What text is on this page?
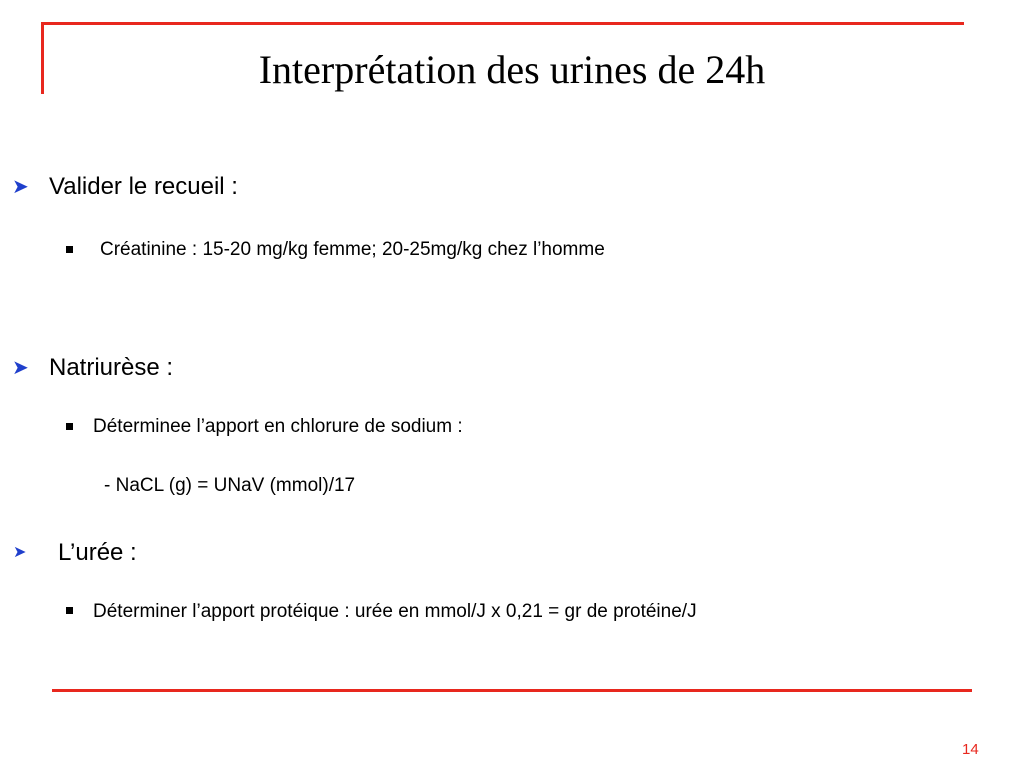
Interprétation des urines de 24h
➤ Valider le recueil :
Créatinine : 15-20 mg/kg femme; 20-25mg/kg chez l’homme
➤ Natriurèse :
Déterminee l’apport en chlorure de sodium :
- NaCL (g) = UNaV (mmol)/17
➤ L’urée :
Déterminer l’apport protéique : urée en mmol/J x 0,21 = gr de protéine/J
14
